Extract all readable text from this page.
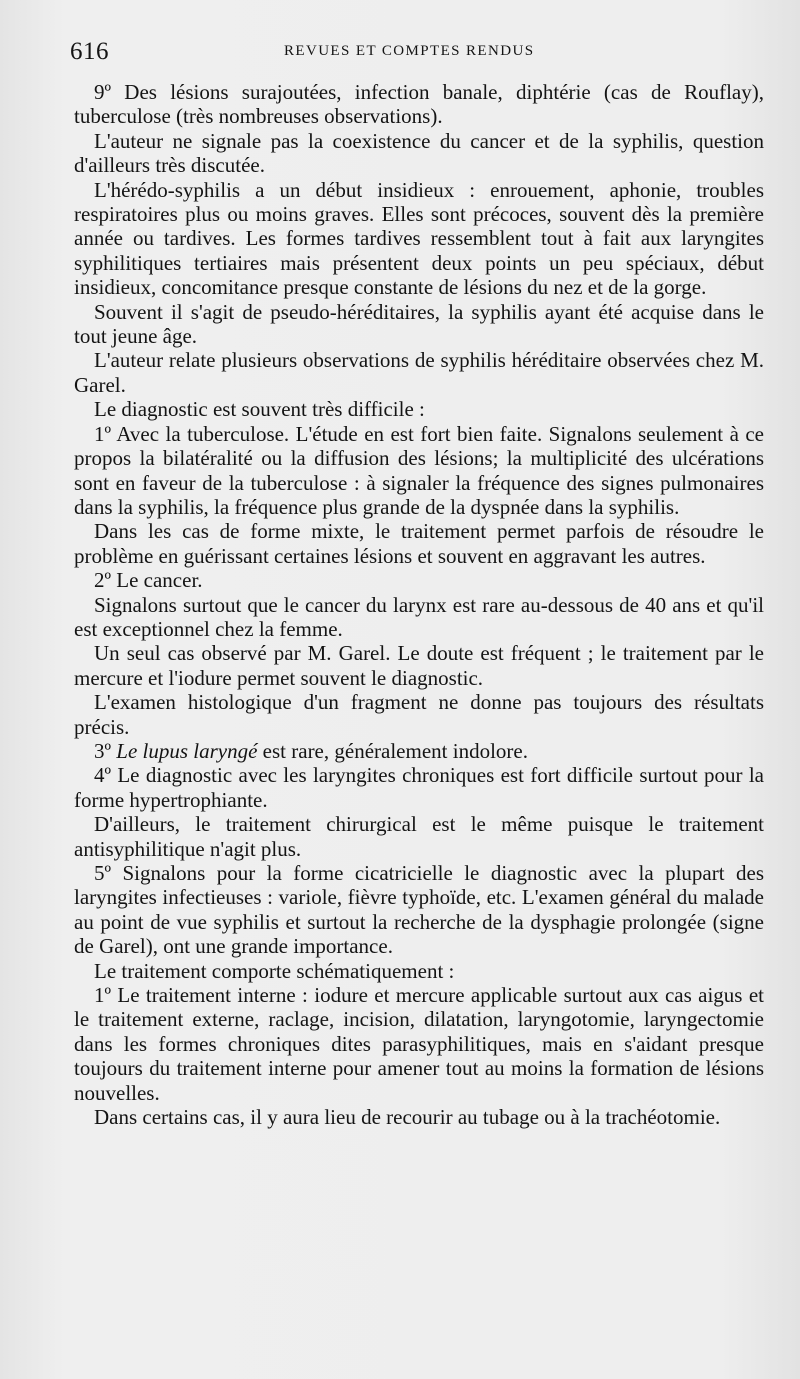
616	REVUES ET COMPTES RENDUS

9º Des lésions surajoutées, infection banale, diphtérie (cas de Rouflay), tuberculose (très nombreuses observations).

L'auteur ne signale pas la coexistence du cancer et de la syphilis, question d'ailleurs très discutée.

L'hérédo-syphilis a un début insidieux : enrouement, aphonie, troubles respiratoires plus ou moins graves. Elles sont précoces, souvent dès la première année ou tardives. Les formes tardives ressemblent tout à fait aux laryngites syphilitiques tertiaires mais présentent deux points un peu spéciaux, début insidieux, concomitance presque constante de lésions du nez et de la gorge.

Souvent il s'agit de pseudo-héréditaires, la syphilis ayant été acquise dans le tout jeune âge.

L'auteur relate plusieurs observations de syphilis héréditaire observées chez M. Garel.

Le diagnostic est souvent très difficile :

1º Avec la tuberculose. L'étude en est fort bien faite. Signalons seulement à ce propos la bilatéralité ou la diffusion des lésions; la multiplicité des ulcérations sont en faveur de la tuberculose : à signaler la fréquence des signes pulmonaires dans la syphilis, la fréquence plus grande de la dyspnée dans la syphilis.

Dans les cas de forme mixte, le traitement permet parfois de résoudre le problème en guérissant certaines lésions et souvent en aggravant les autres.

2º Le cancer.

Signalons surtout que le cancer du larynx est rare au-dessous de 40 ans et qu'il est exceptionnel chez la femme.

Un seul cas observé par M. Garel. Le doute est fréquent ; le traitement par le mercure et l'iodure permet souvent le diagnostic.

L'examen histologique d'un fragment ne donne pas toujours des résultats précis.

3º Le lupus laryngé est rare, généralement indolore.

4º Le diagnostic avec les laryngites chroniques est fort difficile surtout pour la forme hypertrophiante.

D'ailleurs, le traitement chirurgical est le même puisque le traitement antisyphilitique n'agit plus.

5º Signalons pour la forme cicatricielle le diagnostic avec la plupart des laryngites infectieuses : variole, fièvre typhoïde, etc. L'examen général du malade au point de vue syphilis et surtout la recherche de la dysphagie prolongée (signe de Garel), ont une grande importance.

Le traitement comporte schématiquement :

1º Le traitement interne : iodure et mercure applicable surtout aux cas aigus et le traitement externe, raclage, incision, dilatation, laryngotomie, laryngectomie dans les formes chroniques dites parasyphilitiques, mais en s'aidant presque toujours du traitement interne pour amener tout au moins la formation de lésions nouvelles.

Dans certains cas, il y aura lieu de recourir au tubage ou à la trachéotomie.
